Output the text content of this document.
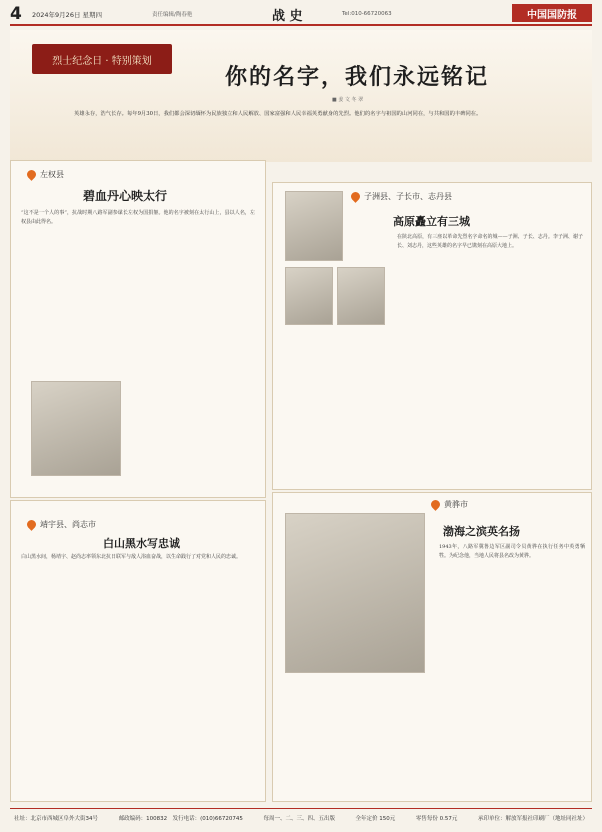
4	2024年9月26日 星期四	责任编辑/陶春艳	战 史	Tel:010-66720063	中国国防报
烈士纪念日 · 特别策划
你的名字，我们永远铭记
■ 姜 文 冬 翠
英雄永存，浩气长存。每年9月30日，我们都会深切缅怀为民族独立和人民解放、国家富强和人民幸福英勇献身的先烈。他们的名字与祖国的山河同在，与共和国的丰碑同在。
左权县
碧血丹心映太行
“这不是一个人的事”，抗战时期八路军副参谋长左权为国捐躯。他的名字被刻在太行山上，县以人名，左权县由此得名。
子洲县、子长市、志丹县
高原矗立有三城
在陕北高原，有三座以革命先烈名字命名的城——子洲、子长、志丹。李子洲、谢子长、刘志丹，这些英雄的名字早已镌刻在高原大地上。
靖宇县、尚志市
白山黑水写忠诚
白山黑水间，杨靖宇、赵尚志率领东北抗日联军与敌人浴血奋战，以生命践行了对党和人民的忠诚。
黄骅市
渤海之滨英名扬
1943年，八路军冀鲁边军区副司令员黄骅在执行任务中英勇牺牲。为纪念他，当地人民将县名改为黄骅。
社址：北京市西城区阜外大街34号	邮政编码：100832　发行电话：(010)66720745	每周一、二、三、四、五出版	全年定价 150元	零售每份 0.57元	承印单位：解放军报社印刷厂（地址同社址）
